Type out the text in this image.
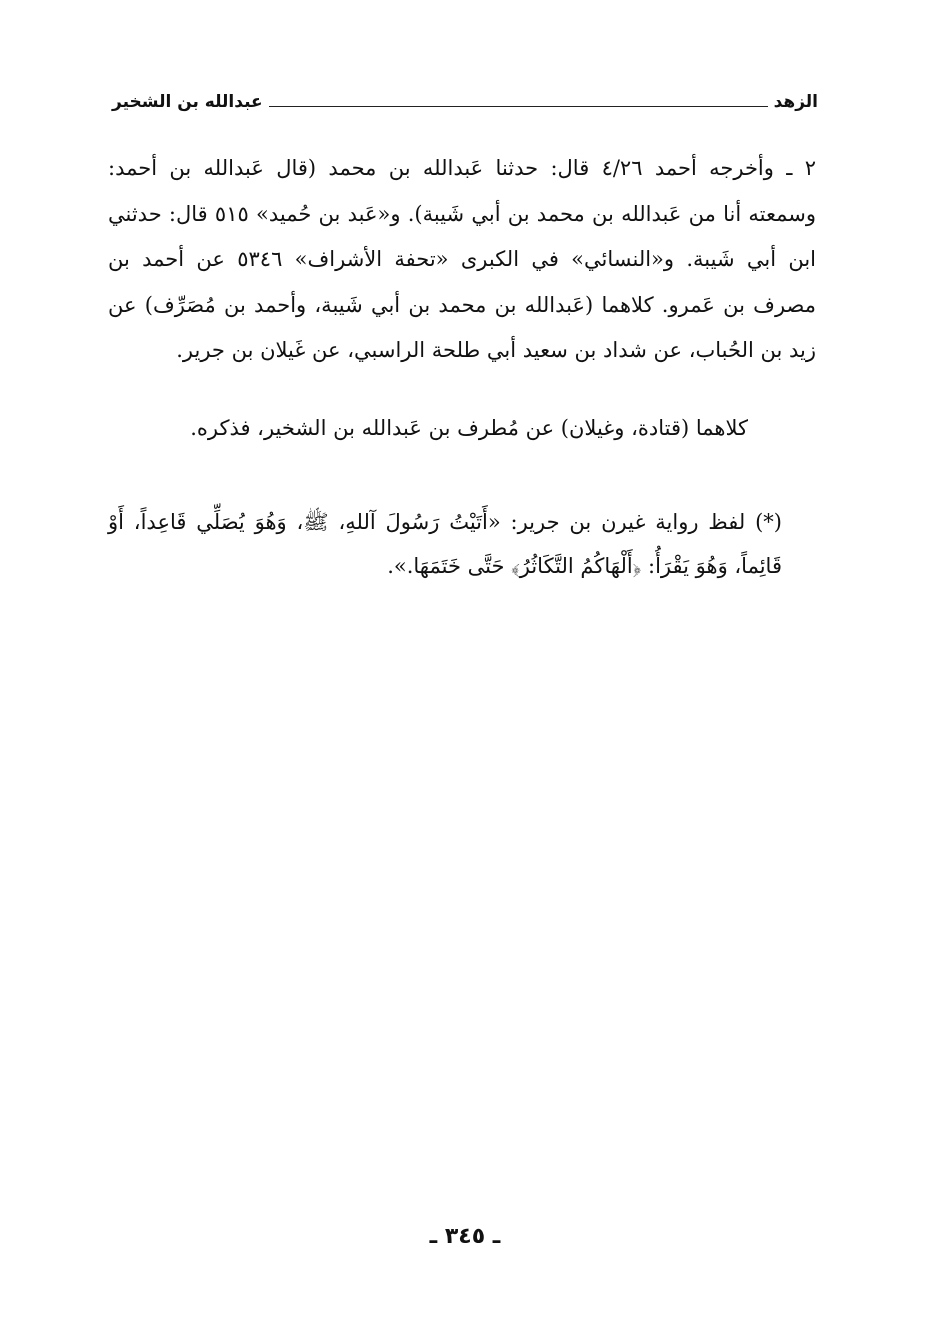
الزهد
عبدالله بن الشخير

٢ ـ وأخرجه أحمد ٤/٢٦ قال: حدثنا عَبدالله بن محمد (قال عَبدالله بن أحمد: وسمعته أنا من عَبدالله بن محمد بن أبي شَيبة). و«عَبد بن حُميد» ٥١٥ قال: حدثني ابن أبي شَيبة. و«النسائي» في الكبرى «تحفة الأشراف» ٥٣٤٦ عن أحمد بن مصرف بن عَمرو. كلاهما (عَبدالله بن محمد بن أبي شَيبة، وأحمد بن مُصَرِّف) عن زيد بن الحُباب، عن شداد بن سعيد أبي طلحة الراسبي، عن غَيلان بن جرير.

كلاهما (قتادة، وغيلان) عن مُطرف بن عَبدالله بن الشخير، فذكره.

(*) لفظ رواية غيرن بن جرير: «أَتَيْتُ رَسُولَ آللهِ، ﷺ، وَهُوَ يُصَلِّي قَاعِداً، أَوْ قَائِماً، وَهُوَ يَقْرَأُ: ﴿أَلْهَاكُمُ التَّكَاثُرُ﴾ حَتَّى خَتَمَهَا.».

ـ ٣٤٥ ـ
